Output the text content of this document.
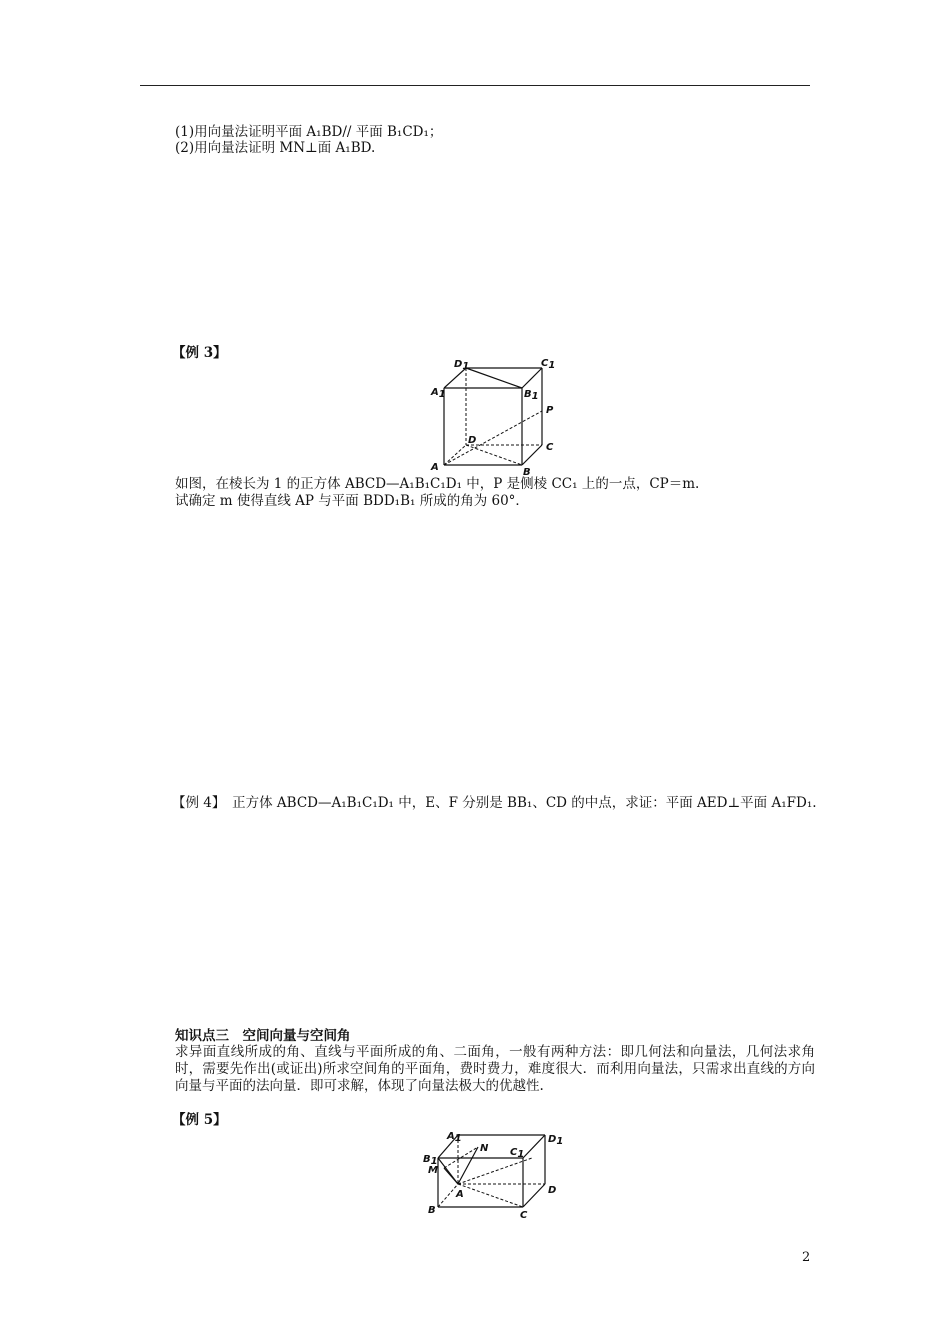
(1)用向量法证明平面 A₁BD// 平面 B₁CD₁；
(2)用向量法证明 MN⊥面 A₁BD.
【例 3】
D1	C1
A1	B1
P
D
C
A	B
如图，在棱长为 1 的正方体 ABCD—A₁B₁C₁D₁ 中，P 是侧棱 CC₁ 上的一点，CP＝m.
试确定 m 使得直线 AP 与平面 BDD₁B₁ 所成的角为 60°．
【例 4】　正方体 ABCD—A₁B₁C₁D₁ 中，E、F 分别是 BB₁、CD 的中点，求证：平面 AED⊥平面 A₁FD₁.
知识点三　空间向量与空间角
求异面直线所成的角、直线与平面所成的角、二面角，一般有两种方法：即几何法和向量法，几何法求角时，需要先作出(或证出)所求空间角的平面角，费时费力，难度很大．而利用向量法，只需求出直线的方向向量与平面的法向量．即可求解，体现了向量法极大的优越性.
【例 5】
A1	D1
B1
N C1
M
A	D
B	C
2
